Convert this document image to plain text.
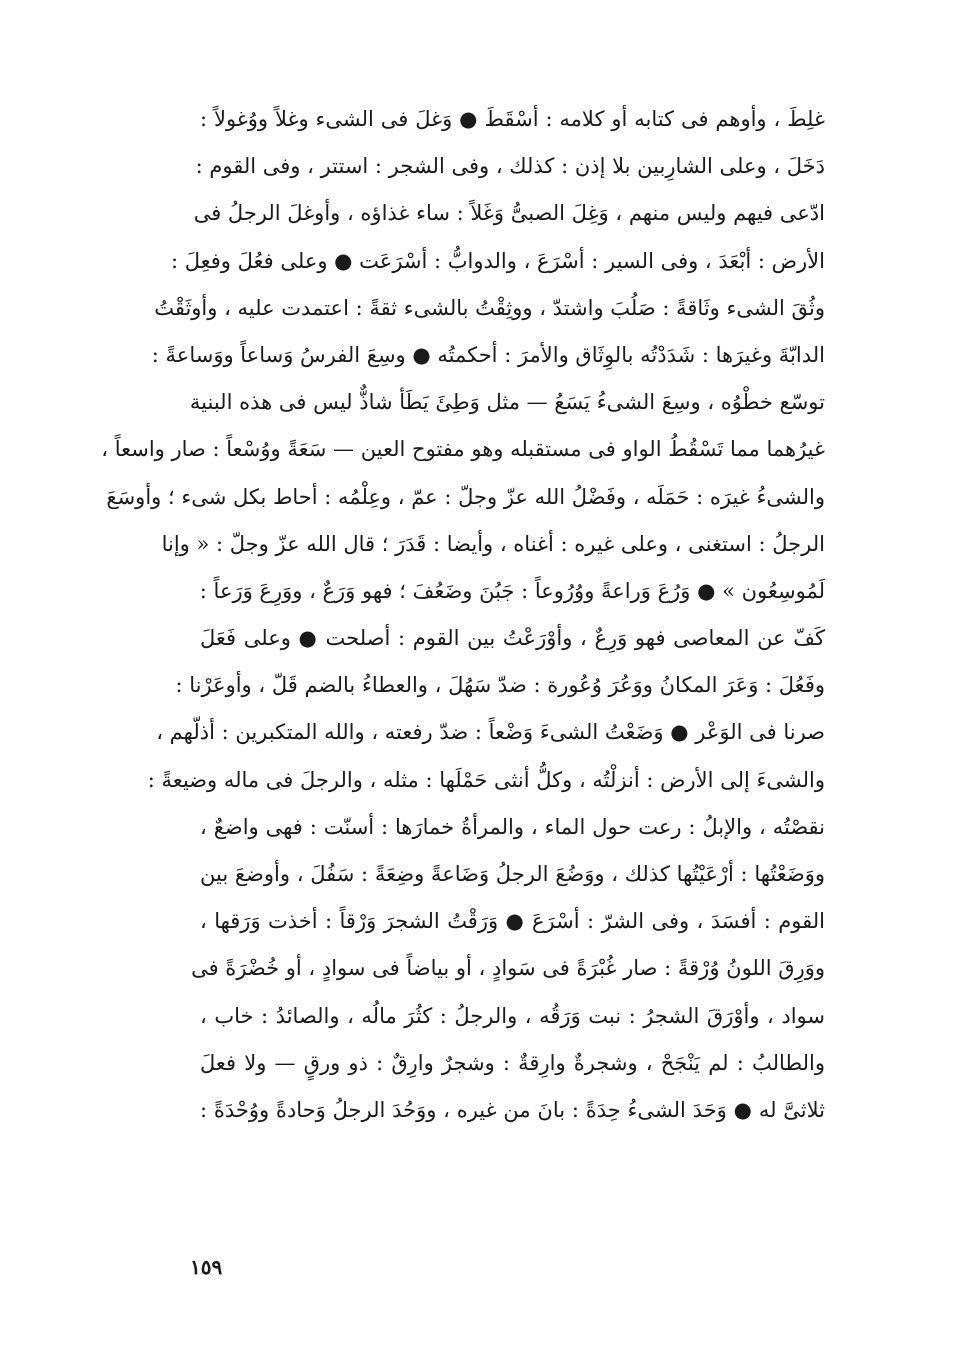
غلِطَ ، وأوهم فى كتابه أو كلامه : أسْقَطَ ● وَغلَ فى الشىء وغلاً ووُغولاً :
دَخَلَ ، وعلى الشارِبين بلا إذن : كذلك ، وفى الشجر : استتر ، وفى القوم :
ادّعى فيهم وليس منهم ، وَغِلَ الصبىُّ وَغَلاً : ساء غذاؤه ، وأوغلَ الرجلُ فى
الأرض : أبْعَدَ ، وفى السير : أسْرَعَ ، والدوابُّ : أسْرَعَت ● وعلى فعُلَ وفعِلَ :
وثُقَ الشىء وثَاقةً : صَلُبَ واشتدّ ، ووثِقْتُ بالشىء ثقةً : اعتمدت عليه ، وأوثَقْتُ
الدابّةَ وغيرَها : شَدَدْتُه بالوِثَاق والأمرَ : أحكمتُه ● وسِعَ الفرسُ وَساعاً ووَساعةً :
توسّع خطْوُه ، وسِعَ الشىءُ يَسَعُ — مثل وَطِئَ يَطَأ شاذٌّ ليس فى هذه البنية
غيرُهما مما تَسْقُطُ الواو فى مستقبله وهو مفتوح العين — سَعَةً ووُسْعاً : صار واسعاً ،
والشىءُ غيرَه : حَمَلَه ، وفَضْلُ الله عزّ وجلّ : عمّ ، وعِلْمُه : أحاط بكل شىء ؛ وأوسَعَ
الرجلُ : استغنى ، وعلى غيره : أغناه ، وأيضا : قَدَرَ ؛ قال الله عزّ وجلّ : « وإنا
لَمُوسِعُون » ● وَرُعَ وَراعةً ووُرُوعاً : جَبُنَ وضَعُفَ ؛ فهو وَرَعٌ ، ووَرِعَ وَرَعاً :
كَفّ عن المعاصى فهو وَرِعٌ ، وأوْرَعْتُ بين القوم : أصلحت ● وعلى فَعَلَ
وفَعُلَ : وَعَرَ المكانُ ووَعُرَ وُعُورة : ضدّ سَهُلَ ، والعطاءُ بالضم قَلّ ، وأوعَرْنا :
صرنا فى الوَعْر ● وَضَعْتُ الشىءَ وَضْعاً : ضدّ رفعته ، والله المتكبرين : أذلّهم ،
والشىءَ إلى الأرض : أنزلْتُه ، وكلُّ أنثى حَمْلَها : مثله ، والرجلَ فى ماله وضيعةً :
نقصْتُه ، والإبلُ : رعت حول الماء ، والمرأةُ خمارَها : أسنّت : فهى واضعٌ ،
ووَضَعْتُها : أرْعَيْتُها كذلك ، ووَضُعَ الرجلُ وَضَاعةً وضِعَةً : سَفُلَ ، وأوضعَ بين
القوم : أفسَدَ ، وفى الشرّ : أسْرَعَ ● وَرَقْتُ الشجرَ وَرْقاً : أخذت وَرَقها ،
ووَرِقَ اللونُ وُرْقةً : صار غُبْرَةً فى سَوادٍ ، أو بياضاً فى سوادٍ ، أو خُضْرَةً فى
سواد ، وأوْرَقَ الشجرُ : نبت وَرَقُه ، والرجلُ : كثُرَ مالُه ، والصائدُ : خاب ،
والطالبُ : لم يَنْجَحْ ، وشجرةٌ وارِقةٌ : وشجرٌ وارِقٌ : ذو ورقٍ — ولا فعلَ
ثلاثىَّ له ● وَحَدَ الشىءُ حِدَةً : بانَ من غيره ، ووَحُدَ الرجلُ وَحادةً ووُحْدَةً :
١٥٩
